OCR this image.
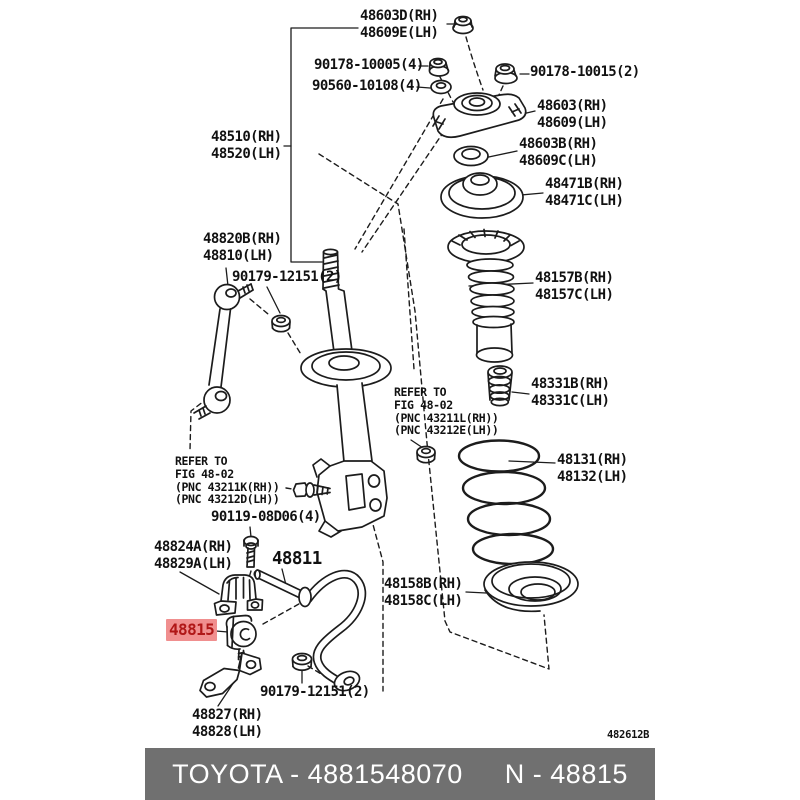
48603D(RH)
48609E(LH)
90178-10005(4)
90560-10108(4)
90178-10015(2)
48603(RH)
48609(LH)
48603B(RH)
48609C(LH)
48471B(RH)
48471C(LH)
48510(RH)
48520(LH)
48157B(RH)
48157C(LH)
48820B(RH)
48810(LH)
90179-12151(2)
48331B(RH)
48331C(LH)
REFER TO
FIG 48-02
(PNC 43211L(RH))
(PNC 43212E(LH))
48131(RH)
48132(LH)
REFER TO
FIG 48-02
(PNC 43211K(RH))
(PNC 43212D(LH))
90119-08D06(4)
48824A(RH)
48829A(LH) 48811
48158B(RH)
48158C(LH)
48815
90179-12151(2)
48827(RH)
48828(LH)	482612B
TOYOTA - 4881548070 N - 48815
